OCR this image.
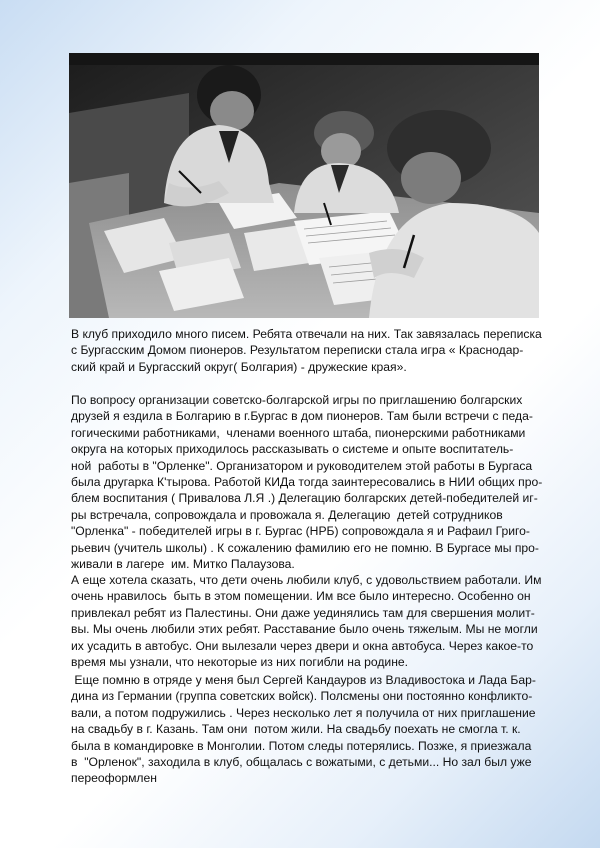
В клуб приходило много писем. Ребята отвечали на них. Так завязалась переписка
с Бургасским Домом пионеров. Результатом переписки стала игра « Краснодар-
ский край и Бургасский округ( Болгария) - дружеские края».
По вопросу организации советско-болгарской игры по приглашению болгарских
друзей я ездила в Болгарию в г.Бургас в дом пионеров. Там были встречи с педа-
гогическими работниками,  членами военного штаба, пионерскими работниками
округа на которых приходилось рассказывать о системе и опыте воспитатель-
ной  работы в "Орленке". Организатором и руководителем этой работы в Бургаса
была другарка К'тырова. Работой КИДа тогда заинтересовались в НИИ общих про-
блем воспитания ( Привалова Л.Я .) Делегацию болгарских детей-победителей иг-
ры встречала, сопровождала и провожала я. Делегацию  детей сотрудников
"Орленка" - победителей игры в г. Бургас (НРБ) сопровождала я и Рафаил Григо-
рьевич (учитель школы) . К сожалению фамилию его не помню. В Бургасе мы про-
живали в лагере  им. Митко Палаузова.
А еще хотела сказать, что дети очень любили клуб, с удовольствием работали. Им
очень нравилось  быть в этом помещении. Им все было интересно. Особенно он
привлекал ребят из Палестины. Они даже уединялись там для свершения молит-
вы. Мы очень любили этих ребят. Расставание было очень тяжелым. Мы не могли
их усадить в автобус. Они вылезали через двери и окна автобуса. Через какое-то
время мы узнали, что некоторые из них погибли на родине.
Еще помню в отряде у меня был Сергей Кандауров из Владивостока и Лада Бар-
дина из Германии (группа советских войск). Полсмены они постоянно конфликто-
вали, а потом подружились . Через несколько лет я получила от них приглашение
на свадьбу в г. Казань. Там они  потом жили. На свадьбу поехать не смогла т. к.
была в командировке в Монголии. Потом следы потерялись. Позже, я приезжала
в  "Орленок", заходила в клуб, общалась с вожатыми, с детьми... Но зал был уже
переоформлен
